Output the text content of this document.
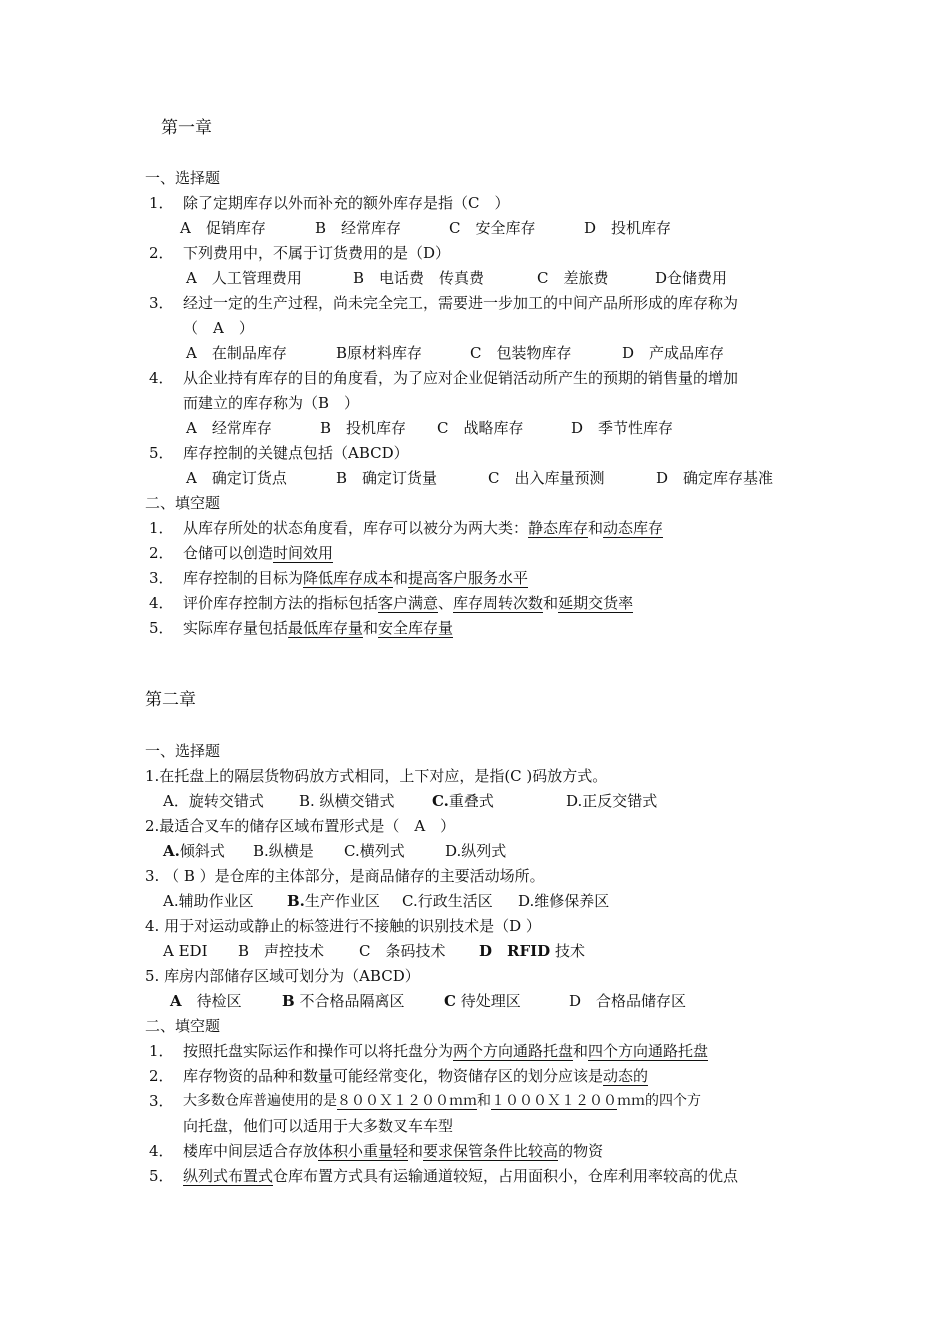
第一章
一、选择题
1． 除了定期库存以外而补充的额外库存是指（C　）
A　促销库存	B　经常库存	C　安全库存	D　投机库存
2． 下列费用中，不属于订货费用的是（D）
A　人工管理费用	B　电话费　传真费	C　差旅费	D仓储费用
3． 经过一定的生产过程，尚未完全完工，需要进一步加工的中间产品所形成的库存称为
（　A　）
A　在制品库存	B原材料库存	C　包装物库存	D　产成品库存
4． 从企业持有库存的目的角度看，为了应对企业促销活动所产生的预期的销售量的增加
而建立的库存称为（B　）
A　经常库存	B　投机库存 C　战略库存	D　季节性库存
5． 库存控制的关键点包括（ABCD）
A　确定订货点	B　确定订货量	C　出入库量预测	D　确定库存基准
二、填空题
1． 从库存所处的状态角度看，库存可以被分为两大类：静态库存和动态库存
2． 仓储可以创造时间效用
3． 库存控制的目标为降低库存成本和提高客户服务水平
4． 评价库存控制方法的指标包括客户满意、库存周转次数和延期交货率
5． 实际库存量包括最低库存量和安全库存量
第二章
一、选择题
1.在托盘上的隔层货物码放方式相同，上下对应，是指(C )码放方式。
A．旋转交错式 B. 纵横交错式 C.重叠式	D.正反交错式
2.最适合叉车的储存区域布置形式是（　A　）
A.倾斜式 B.纵横是 C.横列式	D.纵列式
3. （ B ）是仓库的主体部分，是商品储存的主要活动场所。
A.辅助作业区 B.生产作业区 C.行政生活区 D.维修保养区
4. 用于对运动或静止的标签进行不接触的识别技术是（D ）
A EDI B　声控技术 C　条码技术 D　 RFID 技术
5. 库房内部储存区域可划分为（ABCD）
A　 待检区	B 不合格品隔离区	C 待处理区	D　合格品储存区
二、填空题
1． 按照托盘实际运作和操作可以将托盘分为两个方向通路托盘和四个方向通路托盘
2． 库存物资的品种和数量可能经常变化，物资储存区的划分应该是动态的
3． 大多数仓库普遍使用的是８００Ｘ１２００ｍｍ和１０００Ｘ１２００ｍｍ的四个方
向托盘，他们可以适用于大多数叉车车型
4． 楼库中间层适合存放体积小重量轻和要求保管条件比较高的物资
5． 纵列式布置式仓库布置方式具有运输通道较短，占用面积小，仓库利用率较高的优点
